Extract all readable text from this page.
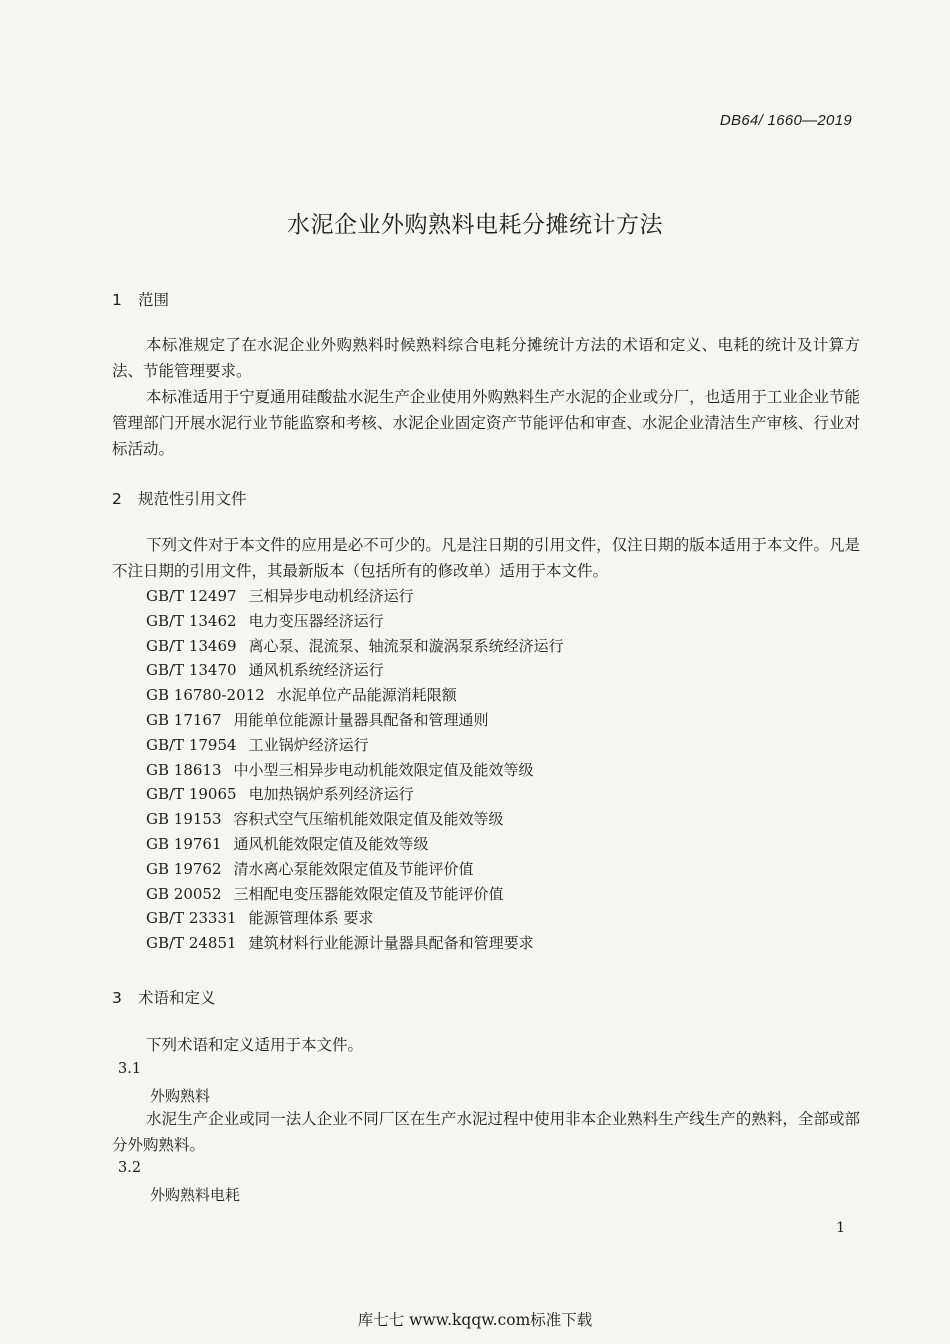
DB64/ 1660—2019
水泥企业外购熟料电耗分摊统计方法
1 范围

本标准规定了在水泥企业外购熟料时候熟料综合电耗分摊统计方法的术语和定义、电耗的统计及计算方法、节能管理要求。

本标准适用于宁夏通用硅酸盐水泥生产企业使用外购熟料生产水泥的企业或分厂，也适用于工业企业节能管理部门开展水泥行业节能监察和考核、水泥企业固定资产节能评估和审查、水泥企业清洁生产审核、行业对标活动。

2 规范性引用文件

下列文件对于本文件的应用是必不可少的。凡是注日期的引用文件，仅注日期的版本适用于本文件。凡是不注日期的引用文件，其最新版本（包括所有的修改单）适用于本文件。

GB/T 12497 三相异步电动机经济运行
GB/T 13462 电力变压器经济运行
GB/T 13469 离心泵、混流泵、轴流泵和漩涡泵系统经济运行
GB/T 13470 通风机系统经济运行
GB 16780-2012 水泥单位产品能源消耗限额
GB 17167 用能单位能源计量器具配备和管理通则
GB/T 17954 工业锅炉经济运行
GB 18613 中小型三相异步电动机能效限定值及能效等级
GB/T 19065 电加热锅炉系列经济运行
GB 19153 容积式空气压缩机能效限定值及能效等级
GB 19761 通风机能效限定值及能效等级
GB 19762 清水离心泵能效限定值及节能评价值
GB 20052 三相配电变压器能效限定值及节能评价值
GB/T 23331 能源管理体系 要求
GB/T 24851 建筑材料行业能源计量器具配备和管理要求
3 术语和定义

下列术语和定义适用于本文件。

3.1
外购熟料

水泥生产企业或同一法人企业不同厂区在生产水泥过程中使用非本企业熟料生产线生产的熟料，全部或部分外购熟料。

3.2
外购熟料电耗
1
库七七 www.kqqw.com标准下载
